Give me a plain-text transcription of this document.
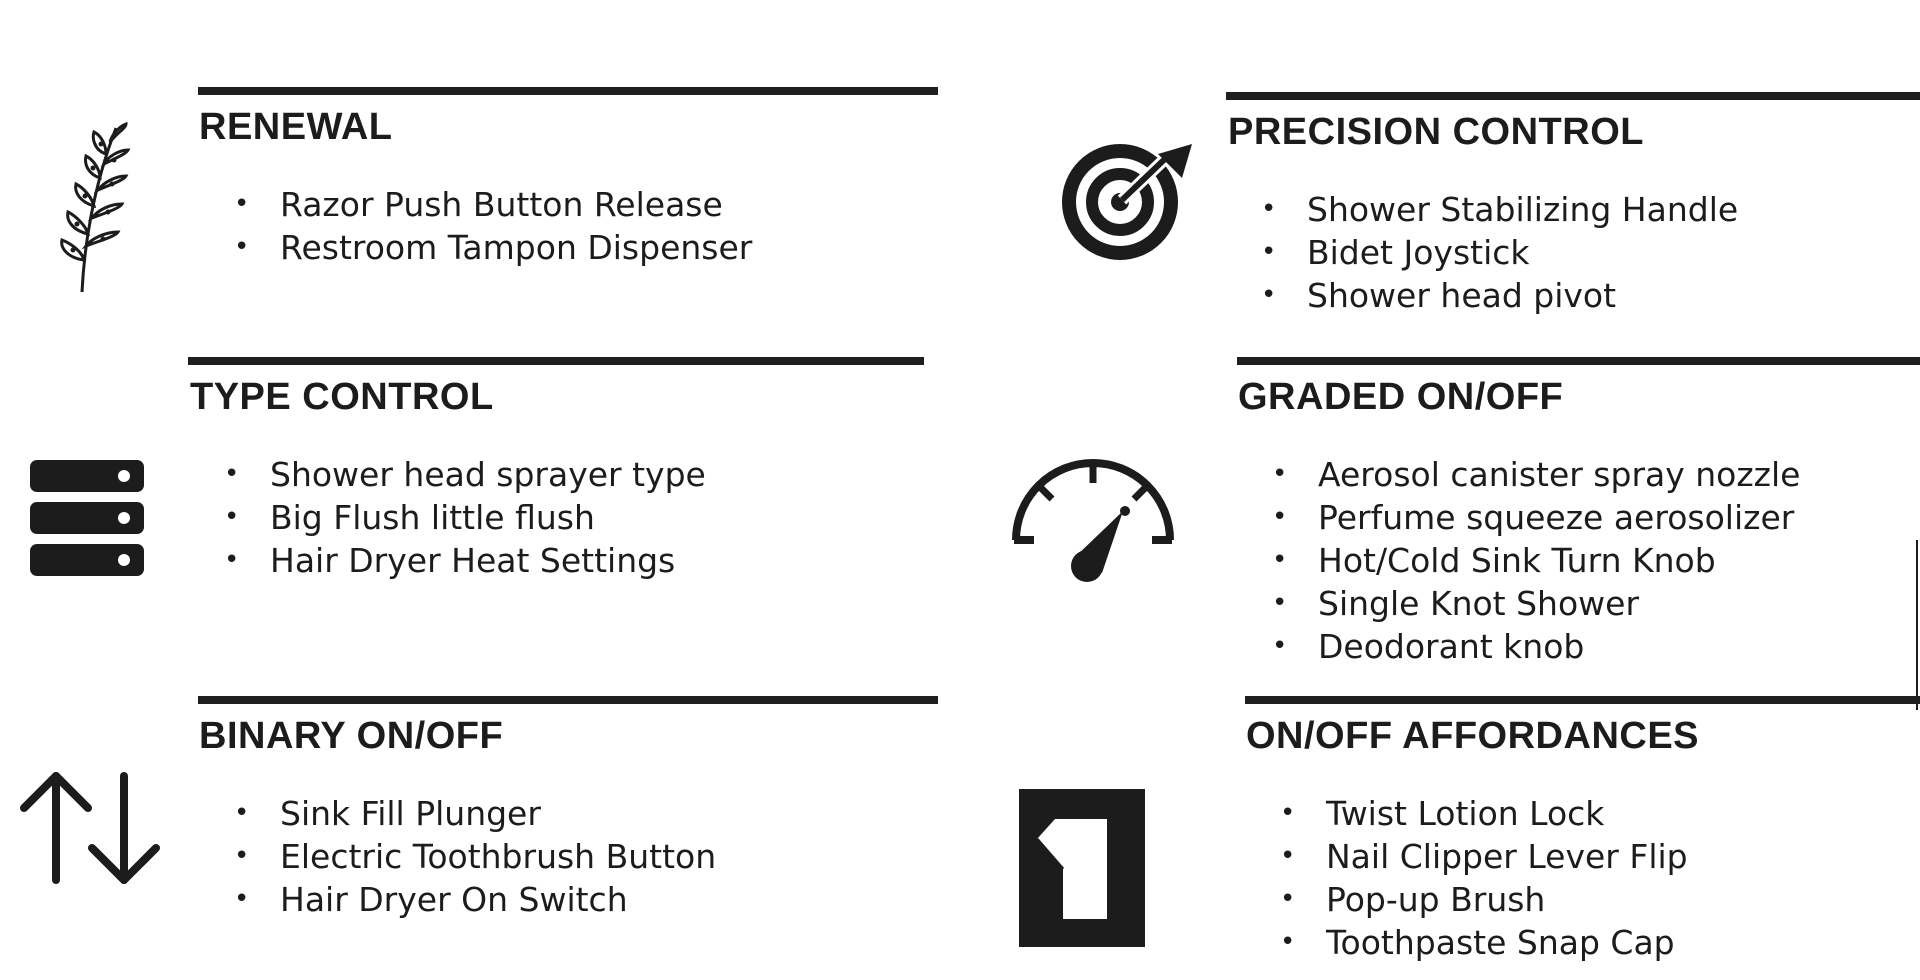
RENEWAL
• Razor Push Button Release
• Restroom Tampon Dispenser
PRECISION CONTROL
• Shower Stabilizing Handle
• Bidet Joystick
• Shower head pivot
TYPE CONTROL
• Shower head sprayer type
• Big Flush little flush
• Hair Dryer Heat Settings
GRADED ON/OFF
• Aerosol canister spray nozzle
• Perfume squeeze aerosolizer
• Hot/Cold Sink Turn Knob
• Single Knot Shower
• Deodorant knob
BINARY ON/OFF
• Sink Fill Plunger
• Electric Toothbrush Button
• Hair Dryer On Switch
ON/OFF AFFORDANCES
• Twist Lotion Lock
• Nail Clipper Lever Flip
• Pop-up Brush
• Toothpaste Snap Cap
